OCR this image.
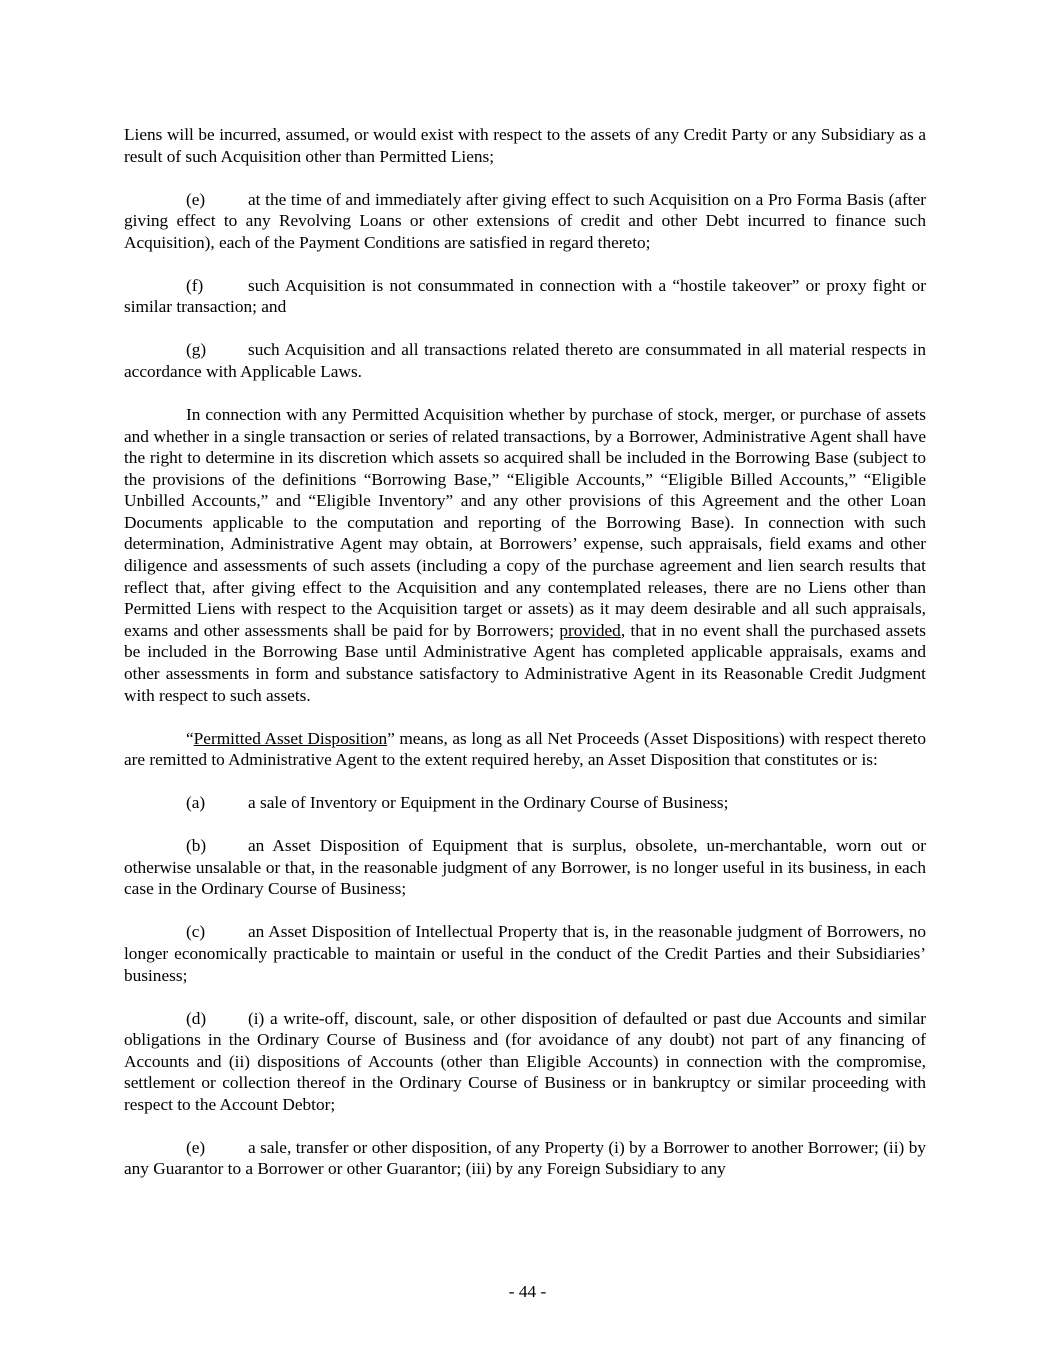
Liens will be incurred, assumed, or would exist with respect to the assets of any Credit Party or any Subsidiary as a result of such Acquisition other than Permitted Liens;

(e) at the time of and immediately after giving effect to such Acquisition on a Pro Forma Basis (after giving effect to any Revolving Loans or other extensions of credit and other Debt incurred to finance such Acquisition), each of the Payment Conditions are satisfied in regard thereto;

(f)	such Acquisition is not consummated in connection with a “hostile takeover” or proxy fight or similar transaction; and

(g) such Acquisition and all transactions related thereto are consummated in all material respects in accordance with Applicable Laws.

In connection with any Permitted Acquisition whether by purchase of stock, merger, or purchase of assets and whether in a single transaction or series of related transactions, by a Borrower, Administrative Agent shall have the right to determine in its discretion which assets so acquired shall be included in the Borrowing Base (subject to the provisions of the definitions “Borrowing Base,” “Eligible Accounts,” “Eligible Billed Accounts,” “Eligible Unbilled Accounts,” and “Eligible Inventory” and any other provisions of this Agreement and the other Loan Documents applicable to the computation and reporting of the Borrowing Base). In connection with such determination, Administrative Agent may obtain, at Borrowers’ expense, such appraisals, field exams and other diligence and assessments of such assets (including a copy of the purchase agreement and lien search results that reflect that, after giving effect to the Acquisition and any contemplated releases, there are no Liens other than Permitted Liens with respect to the Acquisition target or assets) as it may deem desirable and all such appraisals, exams and other assessments shall be paid for by Borrowers; provided, that in no event shall the purchased assets be included in the Borrowing Base until Administrative Agent has completed applicable appraisals, exams and other assessments in form and substance satisfactory to Administrative Agent in its Reasonable Credit Judgment with respect to such assets.

“Permitted Asset Disposition” means, as long as all Net Proceeds (Asset Dispositions) with respect thereto are remitted to Administrative Agent to the extent required hereby, an Asset Disposition that constitutes or is:

(a) a sale of Inventory or Equipment in the Ordinary Course of Business;

(b) an Asset Disposition of Equipment that is surplus, obsolete, un-merchantable, worn out or otherwise unsalable or that, in the reasonable judgment of any Borrower, is no longer useful in its business, in each case in the Ordinary Course of Business;

(c) an Asset Disposition of Intellectual Property that is, in the reasonable judgment of Borrowers, no longer economically practicable to maintain or useful in the conduct of the Credit Parties and their Subsidiaries’ business;

(d) (i) a write-off, discount, sale, or other disposition of defaulted or past due Accounts and similar obligations in the Ordinary Course of Business and (for avoidance of any doubt) not part of any financing of Accounts and (ii) dispositions of Accounts (other than Eligible Accounts) in connection with the compromise, settlement or collection thereof in the Ordinary Course of Business or in bankruptcy or similar proceeding with respect to the Account Debtor;

(e) a sale, transfer or other disposition, of any Property (i) by a Borrower to another Borrower; (ii) by any Guarantor to a Borrower or other Guarantor; (iii) by any Foreign Subsidiary to any

- 44 -
